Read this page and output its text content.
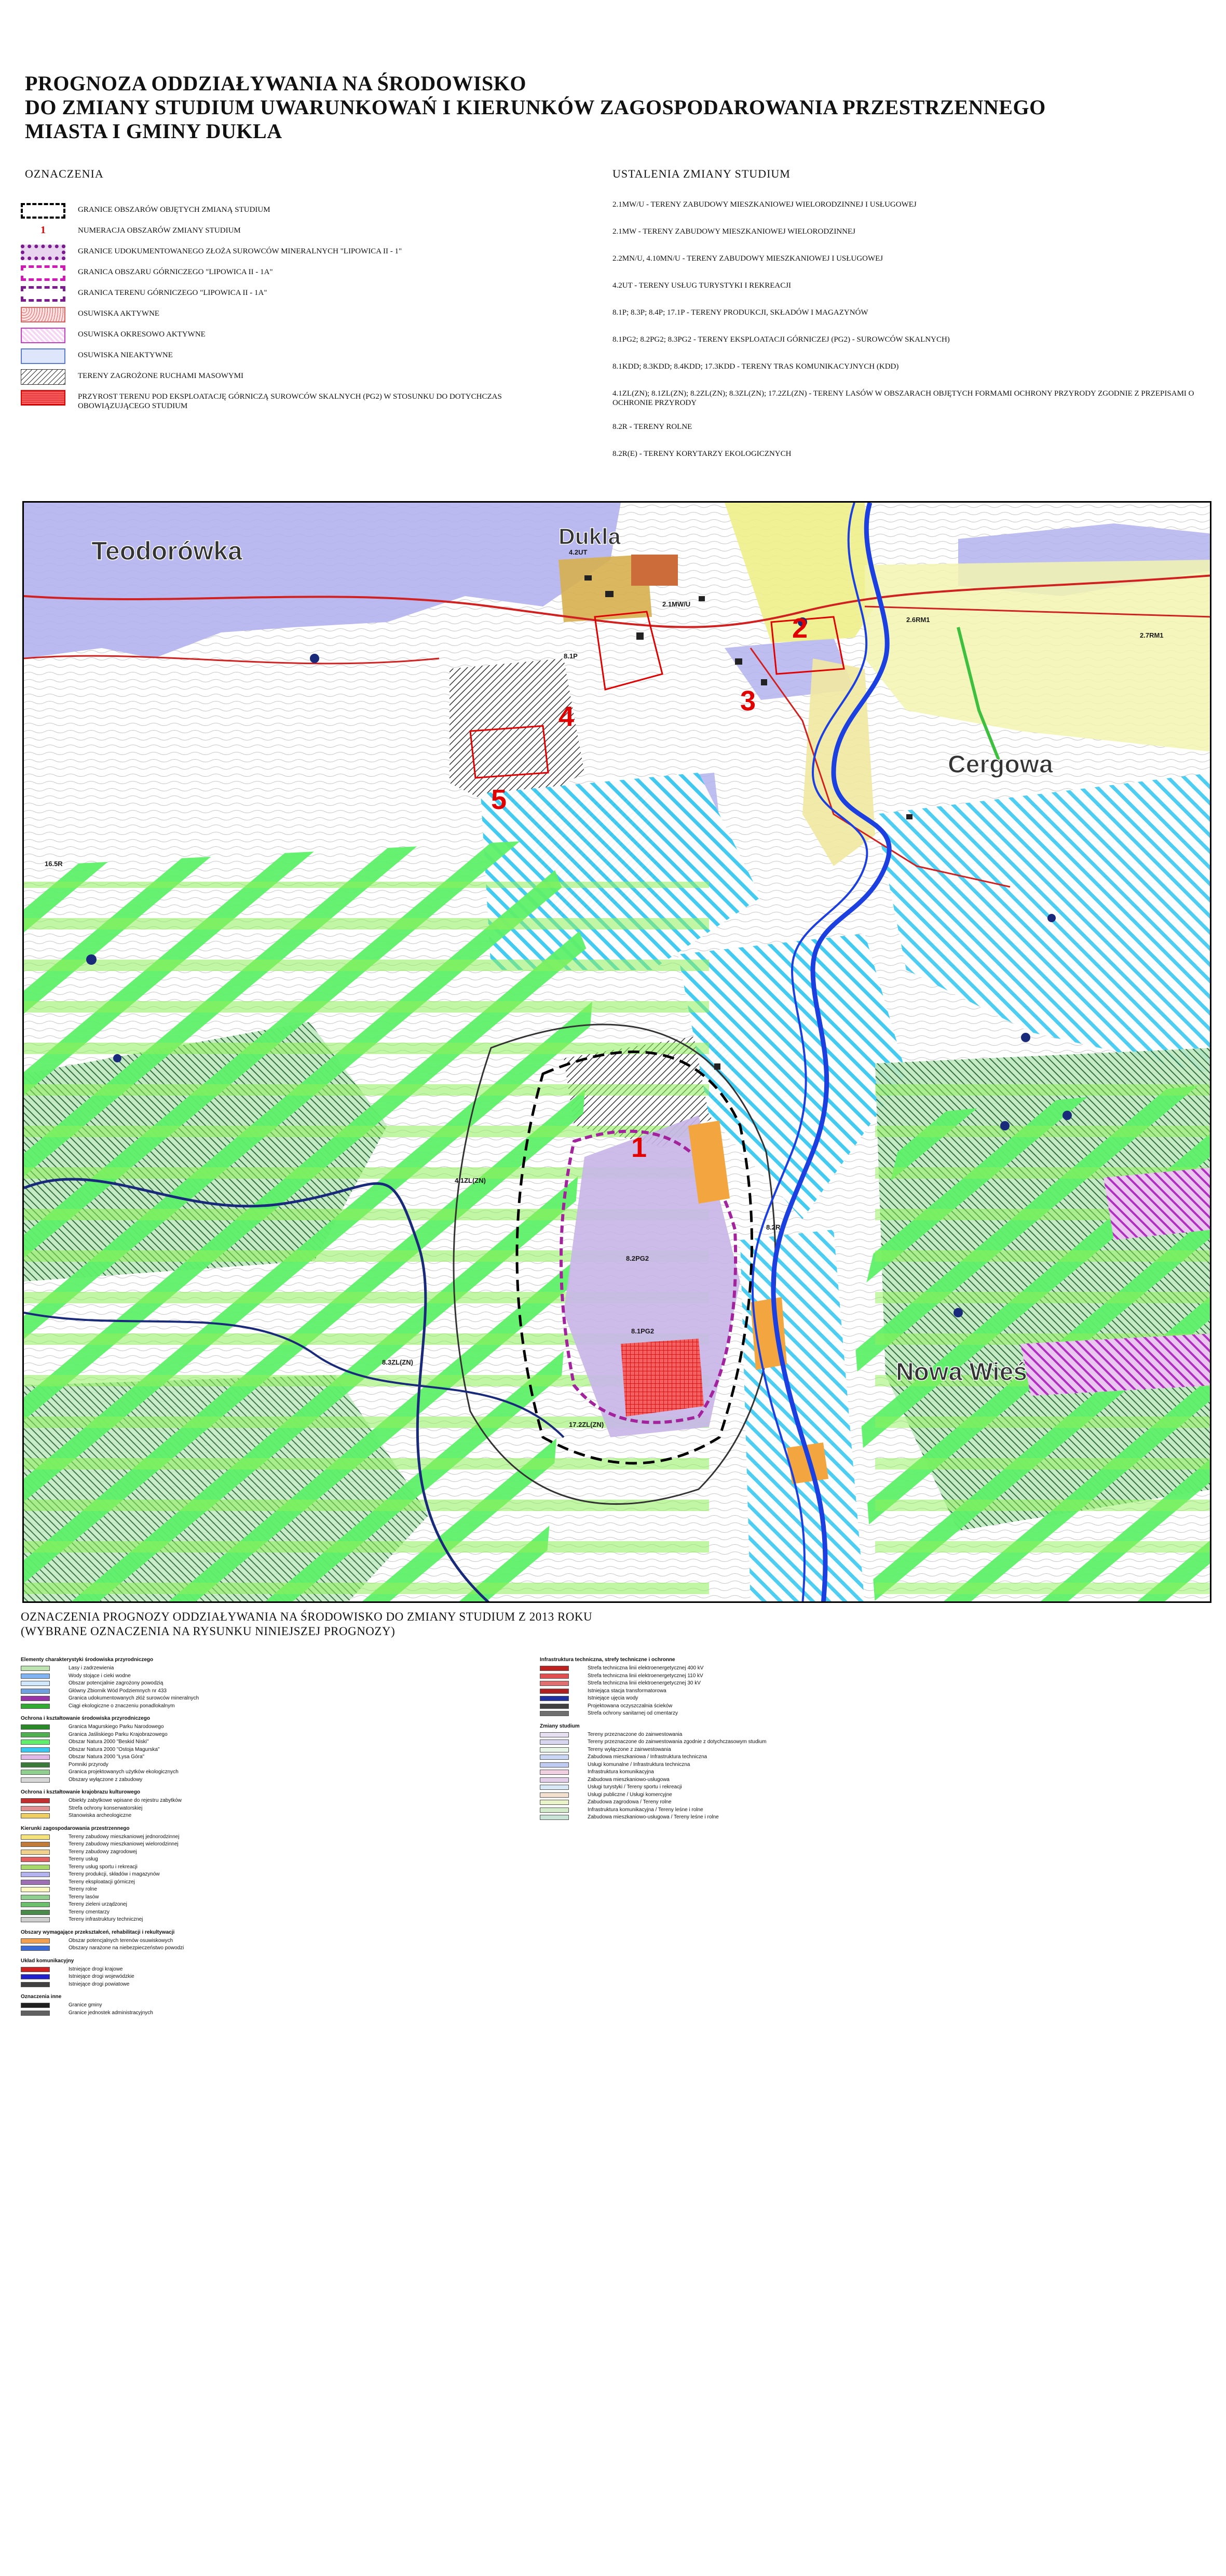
PROGNOZA ODDZIAŁYWANIA NA ŚRODOWISKO
DO ZMIANY STUDIUM UWARUNKOWAŃ I KIERUNKÓW ZAGOSPODAROWANIA PRZESTRZENNEGO
MIASTA I GMINY DUKLA
OZNACZENIA	USTALENIA ZMIANY STUDIUM
GRANICE OBSZARÓW OBJĘTYCH ZMIANĄ STUDIUM
1	NUMERACJA OBSZARÓW ZMIANY STUDIUM
GRANICE UDOKUMENTOWANEGO ZŁOŻA SUROWCÓW MINERALNYCH "LIPOWICA II - 1"
GRANICA OBSZARU GÓRNICZEGO "LIPOWICA II - 1A"
GRANICA TERENU GÓRNICZEGO "LIPOWICA II - 1A"
OSUWISKA AKTYWNE
OSUWISKA OKRESOWO AKTYWNE
OSUWISKA NIEAKTYWNE
TERENY ZAGROŻONE RUCHAMI MASOWYMI
PRZYROST TERENU POD EKSPLOATACJĘ GÓRNICZĄ SUROWCÓW SKALNYCH (PG2) W STOSUNKU DO DOTYCHCZAS OBOWIĄZUJĄCEGO STUDIUM
2.1MW/U - TERENY ZABUDOWY MIESZKANIOWEJ WIELORODZINNEJ I USŁUGOWEJ
2.1MW - TERENY ZABUDOWY MIESZKANIOWEJ WIELORODZINNEJ
2.2MN/U, 4.10MN/U - TERENY ZABUDOWY MIESZKANIOWEJ I USŁUGOWEJ
4.2UT - TERENY USŁUG TURYSTYKI I REKREACJI
8.1P; 8.3P; 8.4P; 17.1P - TERENY PRODUKCJI, SKŁADÓW I MAGAZYNÓW
8.1PG2; 8.2PG2; 8.3PG2 - TERENY EKSPLOATACJI GÓRNICZEJ (PG2) - SUROWCÓW SKALNYCH)
8.1KDD; 8.3KDD; 8.4KDD; 17.3KDD - TERENY TRAS KOMUNIKACYJNYCH (KDD)
4.1ZL(ZN); 8.1ZL(ZN); 8.2ZL(ZN); 8.3ZL(ZN); 17.2ZL(ZN) - TERENY LASÓW W OBSZARACH OBJĘTYCH FORMAMI OCHRONY PRZYRODY ZGODNIE Z PRZEPISAMI O OCHRONIE PRZYRODY
8.2R - TERENY ROLNE
8.2R(E) - TERENY KORYTARZY EKOLOGICZNYCH
2.1MW/U
4.2UT
8.1P
8.2R
4.1ZL(ZN)
8.3ZL(ZN)
17.2ZL(ZN)
8.1PG2
8.2PG2
16.5R
2.6RM1
2.7RM1
Teodorówka	Dukla
Cergowa
Nowa Wieś
1
2
3
4
5
OZNACZENIA PROGNOZY ODDZIAŁYWANIA NA ŚRODOWISKO DO ZMIANY STUDIUM Z 2013 ROKU
(WYBRANE OZNACZENIA NA RYSUNKU NINIEJSZEJ PROGNOZY)
Elementy charakterystyki środowiska przyrodniczego
Lasy i zadrzewienia
Wody stojące i cieki wodne
Obszar potencjalnie zagrożony powodzią
Główny Zbiornik Wód Podziemnych nr 433
Granica udokumentowanych złóż surowców mineralnych
Ciągi ekologiczne o znaczeniu ponadlokalnym
Ochrona i kształtowanie środowiska przyrodniczego
Granica Magurskiego Parku Narodowego
Granica Jaśliskiego Parku Krajobrazowego
Obszar Natura 2000 "Beskid Niski"
Obszar Natura 2000 "Ostoja Magurska"
Obszar Natura 2000 "Łysa Góra"
Pomniki przyrody
Granica projektowanych użytków ekologicznych
Obszary wyłączone z zabudowy
Ochrona i kształtowanie krajobrazu kulturowego
Obiekty zabytkowe wpisane do rejestru zabytków
Strefa ochrony konserwatorskiej
Stanowiska archeologiczne
Kierunki zagospodarowania przestrzennego
Tereny zabudowy mieszkaniowej jednorodzinnej
Tereny zabudowy mieszkaniowej wielorodzinnej
Tereny zabudowy zagrodowej
Tereny usług
Tereny usług sportu i rekreacji
Tereny produkcji, składów i magazynów
Tereny eksploatacji górniczej
Tereny rolne
Tereny lasów
Tereny zieleni urządzonej
Tereny cmentarzy
Tereny infrastruktury technicznej
Obszary wymagające przekształceń, rehabilitacji i rekultywacji
Obszar potencjalnych terenów osuwiskowych
Obszary narażone na niebezpieczeństwo powodzi
Układ komunikacyjny
Istniejące drogi krajowe
Istniejące drogi wojewódzkie
Istniejące drogi powiatowe
Oznaczenia inne
Granice gminy
Granice jednostek administracyjnych
Infrastruktura techniczna, strefy techniczne i ochronne
Strefa techniczna linii elektroenergetycznej 400 kV
Strefa techniczna linii elektroenergetycznej 110 kV
Strefa techniczna linii elektroenergetycznej 30 kV
Istniejąca stacja transformatorowa
Istniejące ujęcia wody
Projektowana oczyszczalnia ścieków
Strefa ochrony sanitarnej od cmentarzy
Zmiany studium
Tereny przeznaczone do zainwestowania
Tereny przeznaczone do zainwestowania zgodnie z dotychczasowym studium
Tereny wyłączone z zainwestowania
Zabudowa mieszkaniowa / Infrastruktura techniczna
Usługi komunalne / Infrastruktura techniczna
Infrastruktura komunikacyjna
Zabudowa mieszkaniowo-usługowa
Usługi turystyki / Tereny sportu i rekreacji
Usługi publiczne / Usługi komercyjne
Zabudowa zagrodowa / Tereny rolne
Infrastruktura komunikacyjna / Tereny leśne i rolne
Zabudowa mieszkaniowo-usługowa / Tereny leśne i rolne
